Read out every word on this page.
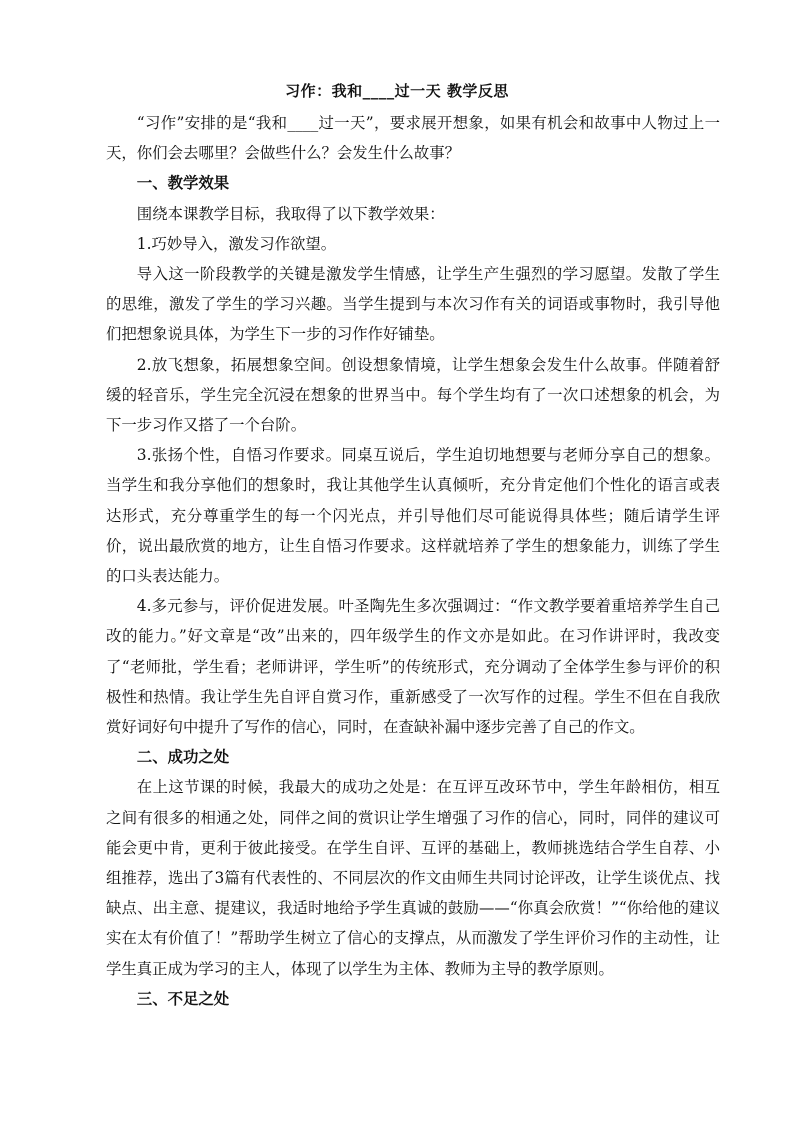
习作：我和____过一天 教学反思

“习作”安排的是“我和____过一天”，要求展开想象，如果有机会和故事中人物过上一天，你们会去哪里？会做些什么？会发生什么故事？

一、教学效果

围绕本课教学目标，我取得了以下教学效果：

1.巧妙导入，激发习作欲望。

导入这一阶段教学的关键是激发学生情感，让学生产生强烈的学习愿望。发散了学生的思维，激发了学生的学习兴趣。当学生提到与本次习作有关的词语或事物时，我引导他们把想象说具体，为学生下一步的习作作好铺垫。

2.放飞想象，拓展想象空间。创设想象情境，让学生想象会发生什么故事。伴随着舒缓的轻音乐，学生完全沉浸在想象的世界当中。每个学生均有了一次口述想象的机会，为下一步习作又搭了一个台阶。

3.张扬个性，自悟习作要求。同桌互说后，学生迫切地想要与老师分享自己的想象。当学生和我分享他们的想象时，我让其他学生认真倾听，充分肯定他们个性化的语言或表达形式，充分尊重学生的每一个闪光点，并引导他们尽可能说得具体些；随后请学生评价，说出最欣赏的地方，让生自悟习作要求。这样就培养了学生的想象能力，训练了学生的口头表达能力。

4.多元参与，评价促进发展。叶圣陶先生多次强调过：“作文教学要着重培养学生自己改的能力。”好文章是“改”出来的，四年级学生的作文亦是如此。在习作讲评时，我改变了“老师批，学生看；老师讲评，学生听”的传统形式，充分调动了全体学生参与评价的积极性和热情。我让学生先自评自赏习作，重新感受了一次写作的过程。学生不但在自我欣赏好词好句中提升了写作的信心，同时，在查缺补漏中逐步完善了自己的作文。

二、成功之处

在上这节课的时候，我最大的成功之处是：在互评互改环节中，学生年龄相仿，相互之间有很多的相通之处，同伴之间的赏识让学生增强了习作的信心，同时，同伴的建议可能会更中肯，更利于彼此接受。在学生自评、互评的基础上，教师挑选结合学生自荐、小组推荐，选出了3篇有代表性的、不同层次的作文由师生共同讨论评改，让学生谈优点、找缺点、出主意、提建议，我适时地给予学生真诚的鼓励——“你真会欣赏！”“你给他的建议实在太有价值了！”帮助学生树立了信心的支撑点，从而激发了学生评价习作的主动性，让学生真正成为学习的主人，体现了以学生为主体、教师为主导的教学原则。

三、不足之处
